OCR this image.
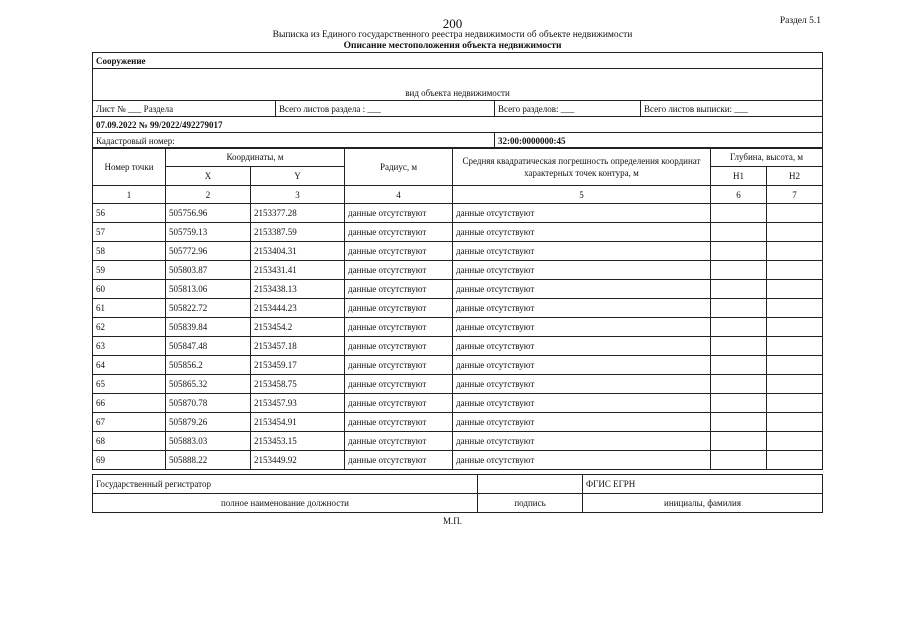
200	Раздел 5.1
Выписка из Единого государственного реестра недвижимости об объекте недвижимости
Описание местоположения объекта недвижимости
Сооружение			

вид объекта недвижимости			
Лист № ___ Раздела	Всего листов раздела : ___	Всего разделов: ___	Всего листов выписки: ___
07.09.2022 № 99/2022/492279017			
Кадастровый номер:		32:00:0000000:45	
Номер точки	Координаты, м		Радиус, м	Средняя квадратическая погрешность определения координат характерных точек контура, м	Глубина, высота, м	
	X	Y			H1	H2
1	2	3	4	5	6	7
56	505756.96	2153377.28	данные отсутствуют	данные отсутствуют		
57	505759.13	2153387.59	данные отсутствуют	данные отсутствуют		
58	505772.96	2153404.31	данные отсутствуют	данные отсутствуют		
59	505803.87	2153431.41	данные отсутствуют	данные отсутствуют		
60	505813.06	2153438.13	данные отсутствуют	данные отсутствуют		
61	505822.72	2153444.23	данные отсутствуют	данные отсутствуют		
62	505839.84	2153454.2	данные отсутствуют	данные отсутствуют		
63	505847.48	2153457.18	данные отсутствуют	данные отсутствуют		
64	505856.2	2153459.17	данные отсутствуют	данные отсутствуют		
65	505865.32	2153458.75	данные отсутствуют	данные отсутствуют		
66	505870.78	2153457.93	данные отсутствуют	данные отсутствуют		
67	505879.26	2153454.91	данные отсутствуют	данные отсутствуют		
68	505883.03	2153453.15	данные отсутствуют	данные отсутствуют		
69	505888.22	2153449.92	данные отсутствуют	данные отсутствуют		
Государственный регистратор		ФГИС ЕГРН
полное наименование должности	подпись	инициалы, фамилия
М.П.
